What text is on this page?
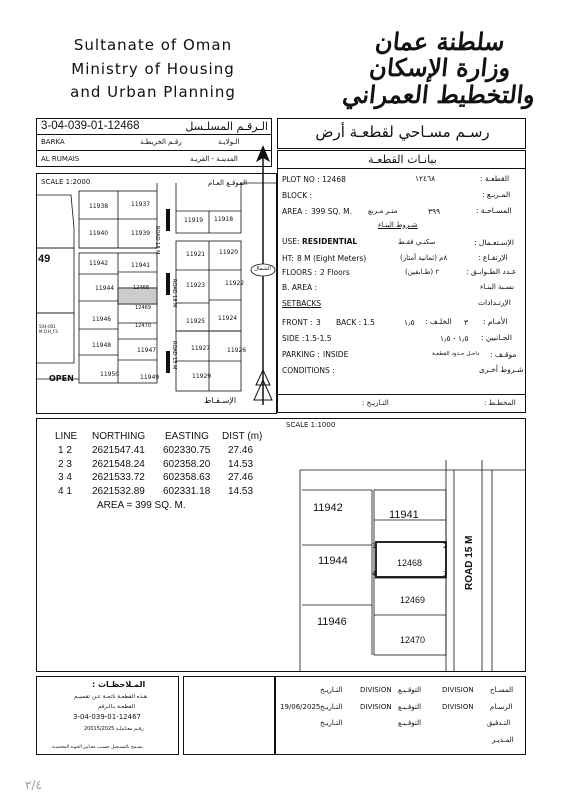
Sultanate of Oman
Ministry of Housing
and Urban Planning
سلطنة عمان
وزارة الإسكان
والتخطيط العمراني
3-04-039-01-12468	الـرقـم المسلـسل
BARKA	رقـم الخريطـة	الـولايـة
AL RUMAIS	المدينـة - القريـة
SCALE 1:2000	الموقـع العـام
11938	11937
11940	11939
11919 11918
11921 11920
11942	11941
11923	11922
11944	12468
12469
11925 11924
11946
12470
11948
11947	11927	11926
11950	11949	11929
49
504-001 M.O.H_F3
OPEN
ROAD 18 M
ROAD 18 M
ROAD 15 M
الإسـقـاط
الشمال
رسـم مسـاحي لقطعـة أرض
بيانـات القطعـة
PLOT NO : 12468	١٢٤٦٨	القطعـة :
BLOCK :	المـربـع :
AREA : 399 SQ. M. متـر مـربع	٣٩٩	المسـاحـة :
شـروط البنـاء
USE: RESIDENTIAL	سكنـي فقـط	الإسـتعـمال :
HT: 8 M (Eight Meters)	٨م (ثمانية أمتار)	الإرتفـاع :
FLOORS : 2 Floors	٢ (طـابقين)	عـدد الطـوابـق :
B. AREA :	نسـبة البنـاء
SETBACKS	الإرتـدادات
FRONT : 3 BACK : 1.5	١٫٥ الخلـف : ٣ الأمـام :
SIDE : 1.5-1.5	١٫٥ - ١٫٥ الجـانبين :
PARKING : INSIDE	داخـل حـدود القطعـة موقـف :
CONDITIONS :	شـروط أخـرى
التـاريـخ :	المخطـط :
LINE NORTHING EASTING DIST (m)
1 2 2621547.41 602330.75 27.46
2 3 2621548.24 602358.20 14.53
3 4 2621533.72 602358.63 27.46
4 1 2621532.89 602331.18 14.53
AREA = 399 SQ. M.
SCALE 1:1000
11942
11941
11944	12468
12469
11946
12470
1	2
3
4	ROAD 15 M
المـلاحظـات :
هـذه القطعـة ناتجـة عـن تقسيـم
القطعـة بـالـرقم
3-04-039-01-12467
20015/2025 رقـم معـاملـة
يسـمح بالتسـجيل حسـب معـايير الجهـة المختصـة
التـاريـخ	DIVISION التوقـيـع	DIVISION المسـاح
19/06/2025 التـاريـخ	DIVISION التوقـيـع	DIVISION الرسـام
التـاريـخ	التوقـيـع	التـدقيق
المـديـر
٢/٤
